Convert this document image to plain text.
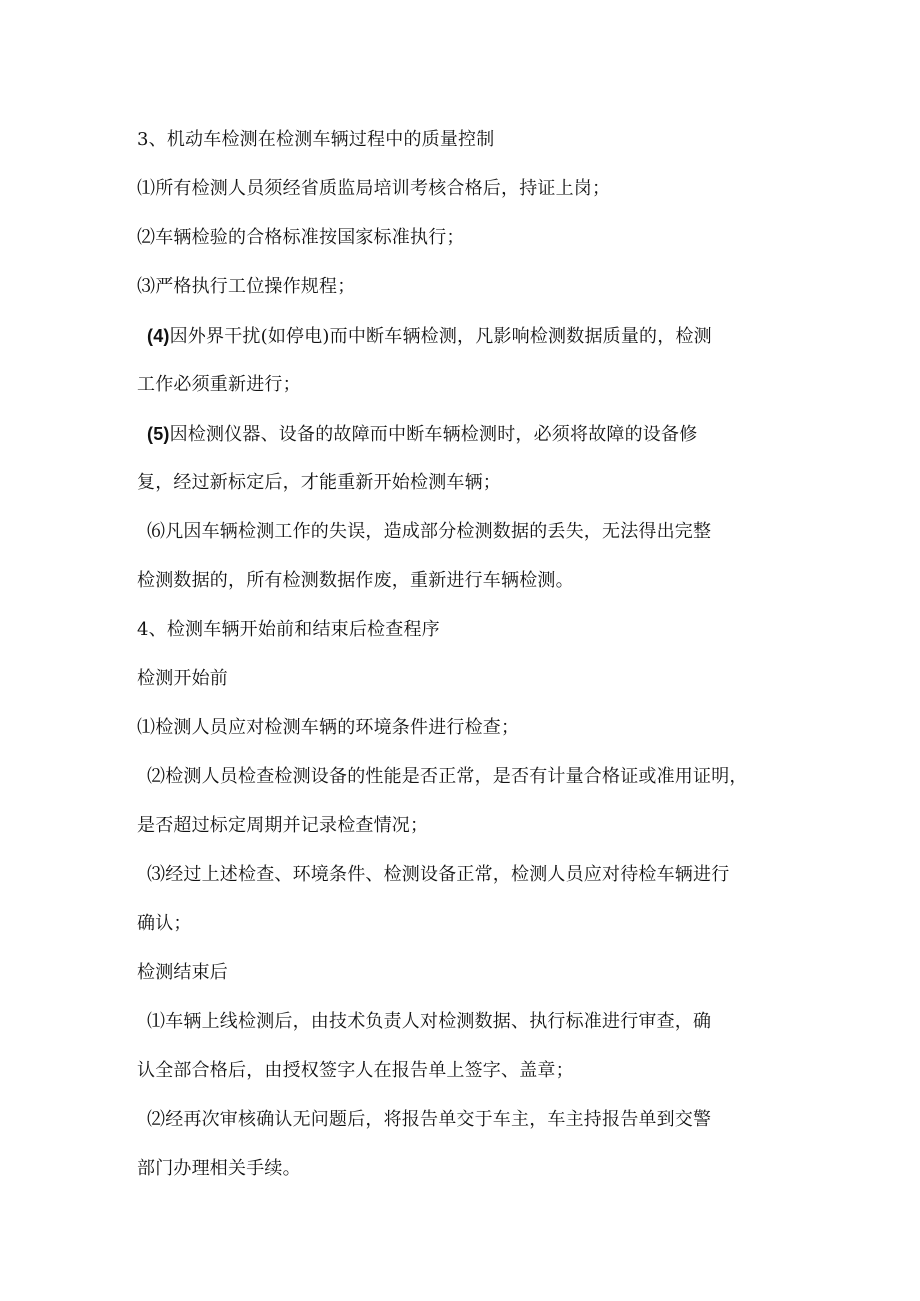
3、机动车检测在检测车辆过程中的质量控制
⑴所有检测人员须经省质监局培训考核合格后，持证上岗；
⑵车辆检验的合格标准按国家标准执行；
⑶严格执行工位操作规程；
(4)因外界干扰(如停电)而中断车辆检测，凡影响检测数据质量的，检测
工作必须重新进行；
(5)因检测仪器、设备的故障而中断车辆检测时，必须将故障的设备修
复，经过新标定后，才能重新开始检测车辆；
⑹凡因车辆检测工作的失误，造成部分检测数据的丢失，无法得出完整
检测数据的，所有检测数据作废，重新进行车辆检测。
4、检测车辆开始前和结束后检查程序
检测开始前
⑴检测人员应对检测车辆的环境条件进行检查；
⑵检测人员检查检测设备的性能是否正常，是否有计量合格证或准用证明，
是否超过标定周期并记录检查情况；
⑶经过上述检查、环境条件、检测设备正常，检测人员应对待检车辆进行
确认；
检测结束后
⑴车辆上线检测后，由技术负责人对检测数据、执行标准进行审查，确
认全部合格后，由授权签字人在报告单上签字、盖章；
⑵经再次审核确认无问题后，将报告单交于车主，车主持报告单到交警
部门办理相关手续。
